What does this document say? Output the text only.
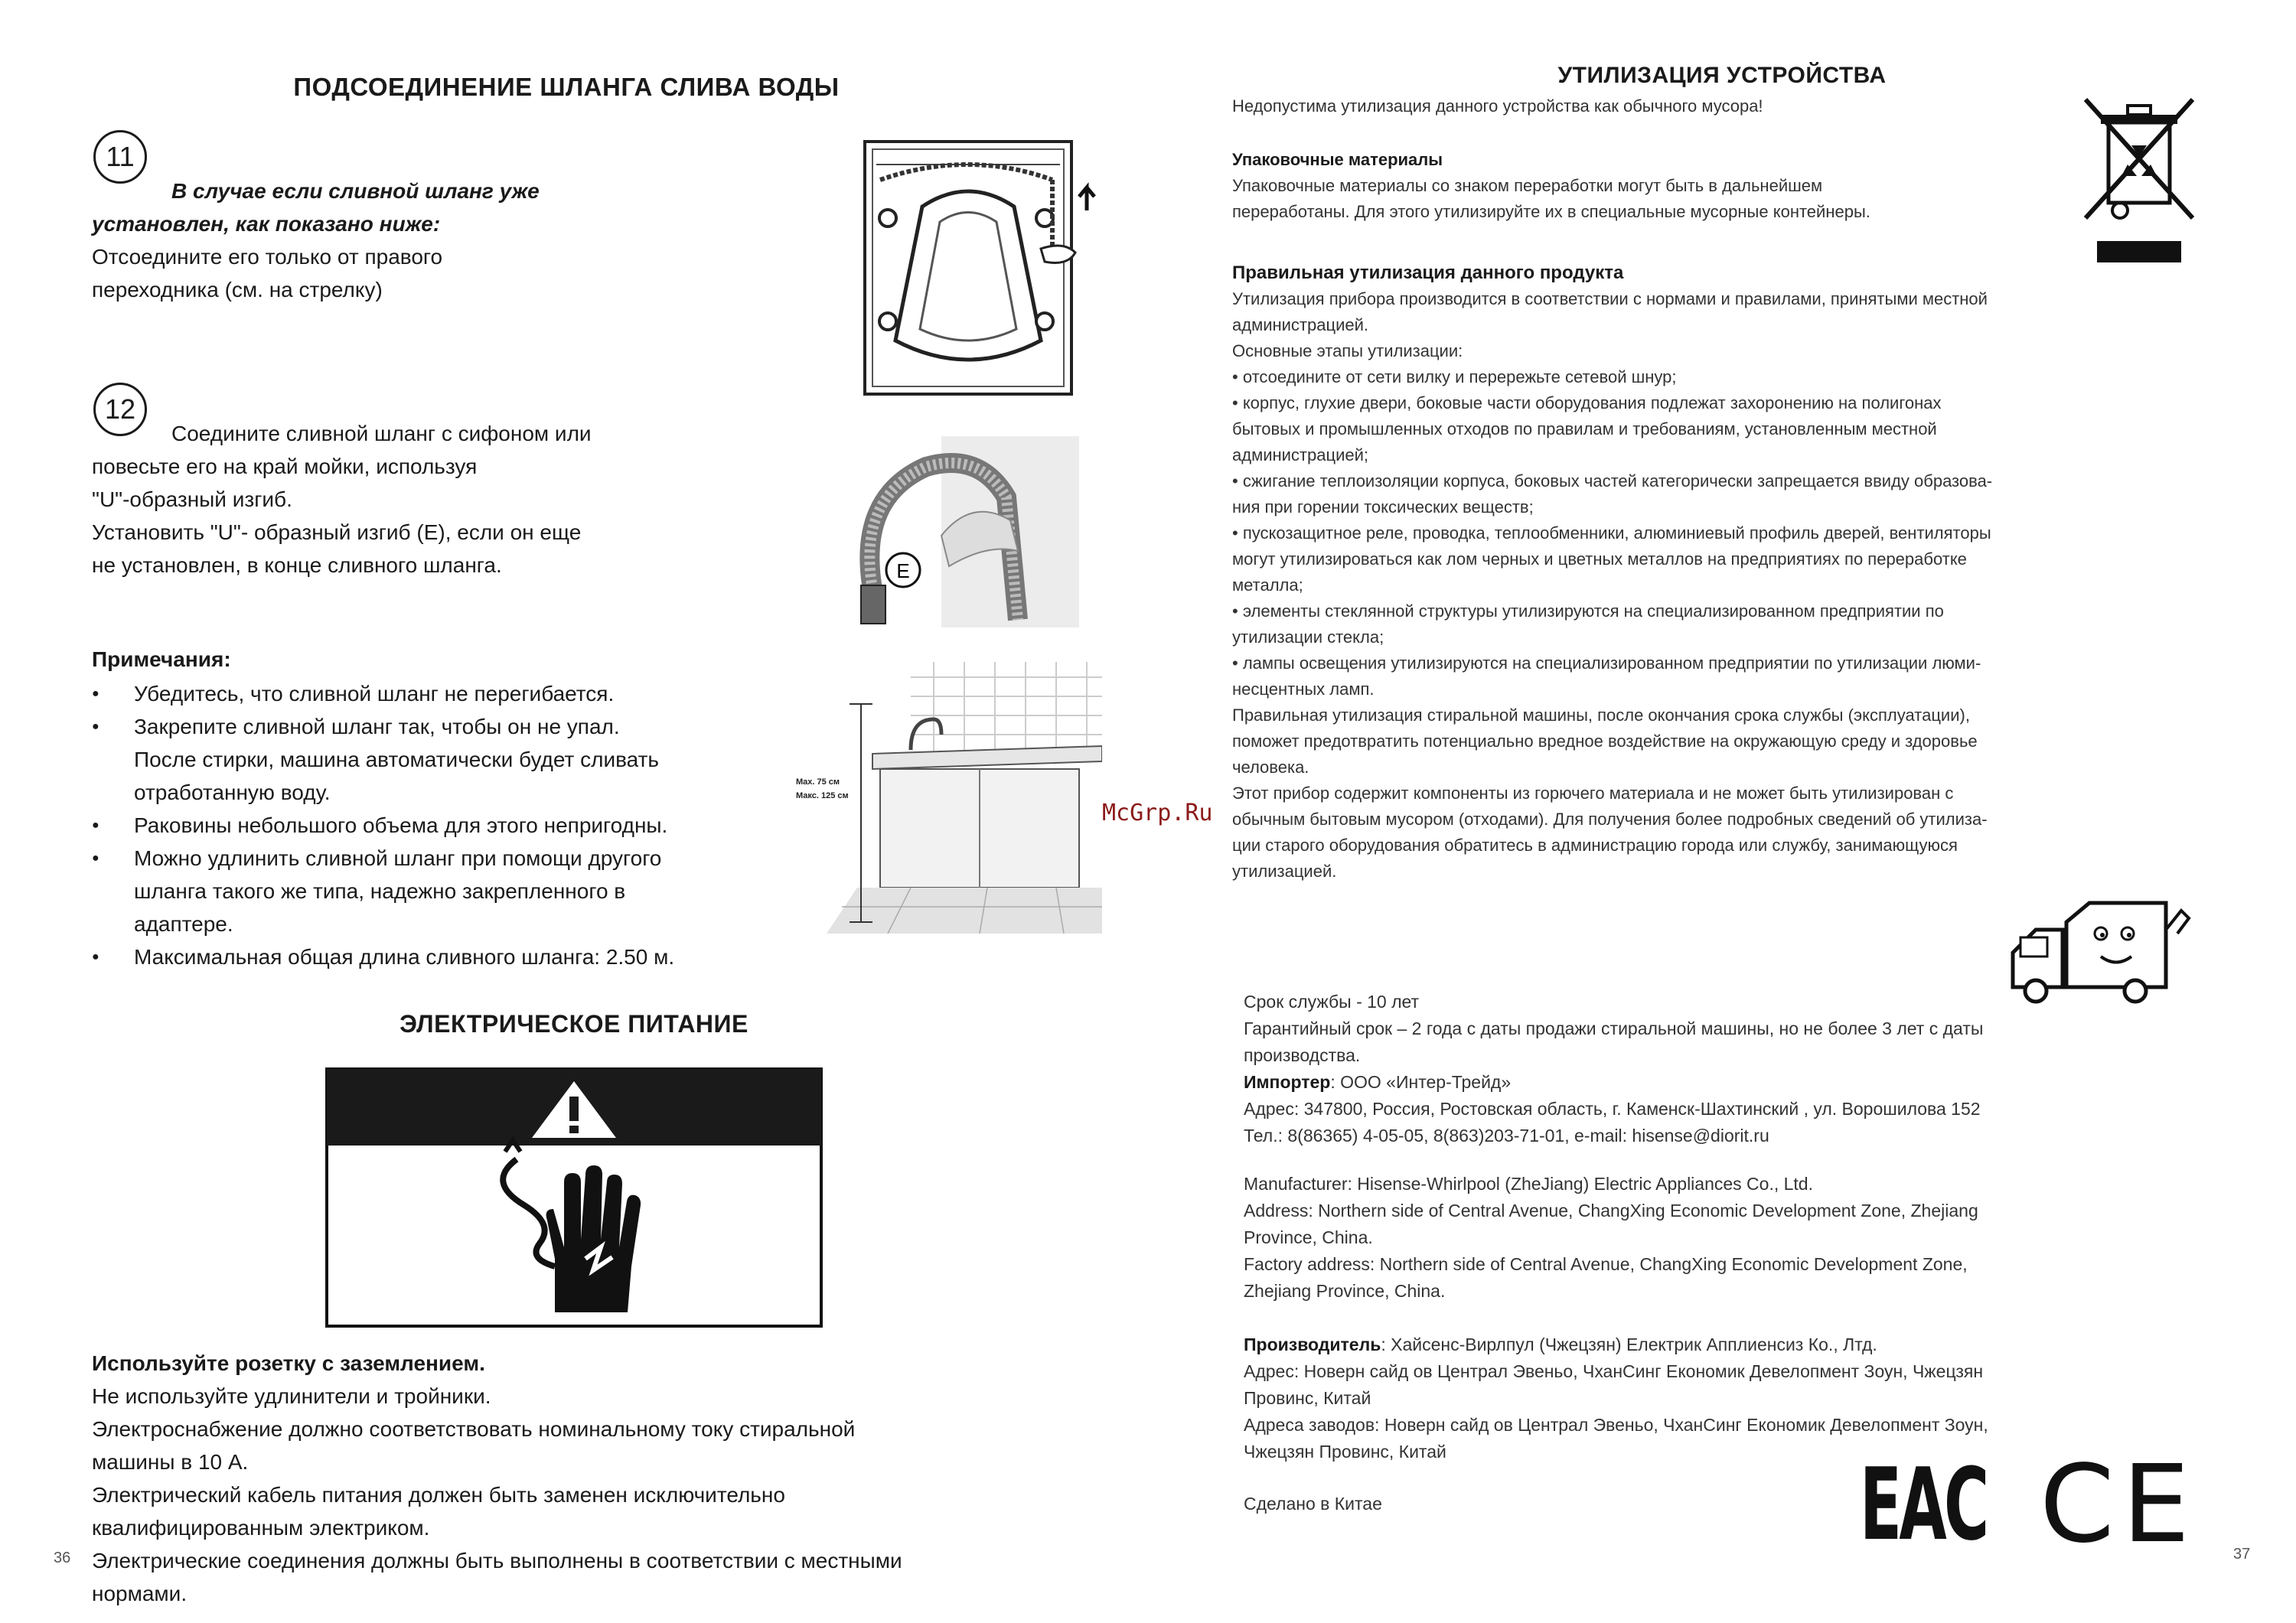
ПОДСОЕДИНЕНИЕ ШЛАНГА СЛИВА ВОДЫ
11
В случае если сливной шланг уже
установлен, как показано ниже:
Отсоедините его только от правого
переходника (см. на стрелку)
12
Соедините сливной шланг с сифоном или
повесьте его на край мойки, используя
"U"-образный изгиб.
Установить "U"- образный изгиб (E), если он еще
не установлен, в конце сливного шланга.	E
Примечания:
● Убедитесь, что сливной шланг не перегибается.
● Закрепите сливной шланг так, чтобы он не упал.
После стирки, машина автоматически будет сливать
отработанную воду.
● Раковины небольшого объема для этого непригодны.
● Можно удлинить сливной шланг при помощи другого
шланга такого же типа, надежно закрепленного в
адаптере.
● Максимальная общая длина сливного шланга: 2.50 м.
Max. 75 см
Макс. 125 см
ЭЛЕКТРИЧЕСКОЕ ПИТАНИЕ
Используйте розетку с заземлением.
Не используйте удлинители и тройники.
Электроснабжение должно соответствовать номинальному току стиральной
машины в 10 А.
Электрический кабель питания должен быть заменен исключительно
квалифицированным электриком.
Электрические соединения должны быть выполнены в соответствии с местными
нормами.
36
McGrp.Ru
УТИЛИЗАЦИЯ УСТРОЙСТВА
Недопустима утилизация данного устройства как обычного мусора!
Упаковочные материалы
Упаковочные материалы со знаком переработки могут быть в дальнейшем
переработаны. Для этого утилизируйте их в специальные мусорные контейнеры.
Правильная утилизация данного продукта
Утилизация прибора производится в соответствии с нормами и правилами, принятыми местной
администрацией.
Основные этапы утилизации:
• отсоедините от сети вилку и перережьте сетевой шнур;
• корпус, глухие двери, боковые части оборудования подлежат захоронению на полигонах
бытовых и промышленных отходов по правилам и требованиям, установленным местной
администрацией;
• сжигание теплоизоляции корпуса, боковых частей категорически запрещается ввиду образова-
ния при горении токсических веществ;
• пускозащитное реле, проводка, теплообменники, алюминиевый профиль дверей, вентиляторы
могут утилизироваться как лом черных и цветных металлов на предприятиях по переработке
металла;
• элементы стеклянной структуры утилизируются на специализированном предприятии по
утилизации стекла;
• лампы освещения утилизируются на специализированном предприятии по утилизации люми-
несцентных ламп.
Правильная утилизация стиральной машины, после окончания срока службы (эксплуатации),
поможет предотвратить потенциально вредное воздействие на окружающую среду и здоровье
человека.
Этот прибор содержит компоненты из горючего материала и не может быть утилизирован с
обычным бытовым мусором (отходами). Для получения более подробных сведений об утилиза-
ции старого оборудования обратитесь в администрацию города или службу, занимающуюся
утилизацией.
Срок службы - 10 лет
Гарантийный срок – 2 года с даты продажи стиральной машины, но не более 3 лет с даты
производства.
Импортер: ООО «Интер-Трейд»
Адрес: 347800, Россия, Ростовская область, г. Каменск-Шахтинский , ул. Ворошилова 152
Тел.: 8(86365) 4-05-05, 8(863)203-71-01, e-mail: hisense@diorit.ru
Manufacturer: Hisense-Whirlpool (ZheJiang) Electric Appliances Co., Ltd.
Address: Northern side of Central Avenue, ChangXing Economic Development Zone, Zhejiang
Province, China.
Factory address: Northern side of Central Avenue, ChangXing Economic Development Zone,
Zhejiang Province, China.
Производитель: Хайсенс-Вирлпул (Чжецзян) Електрик Апплиенсиз Ко., Лтд.
Адрес: Новерн сайд ов Централ Эвеньо, ЧханСинг Економик Девелопмент Зоун, Чжецзян
Провинс, Китай
Адреса заводов: Новерн сайд ов Централ Эвеньо, ЧханСинг Економик Девелопмент Зоун,
Чжецзян Провинс, Китай
Сделано в Китае	EAC CE 37
